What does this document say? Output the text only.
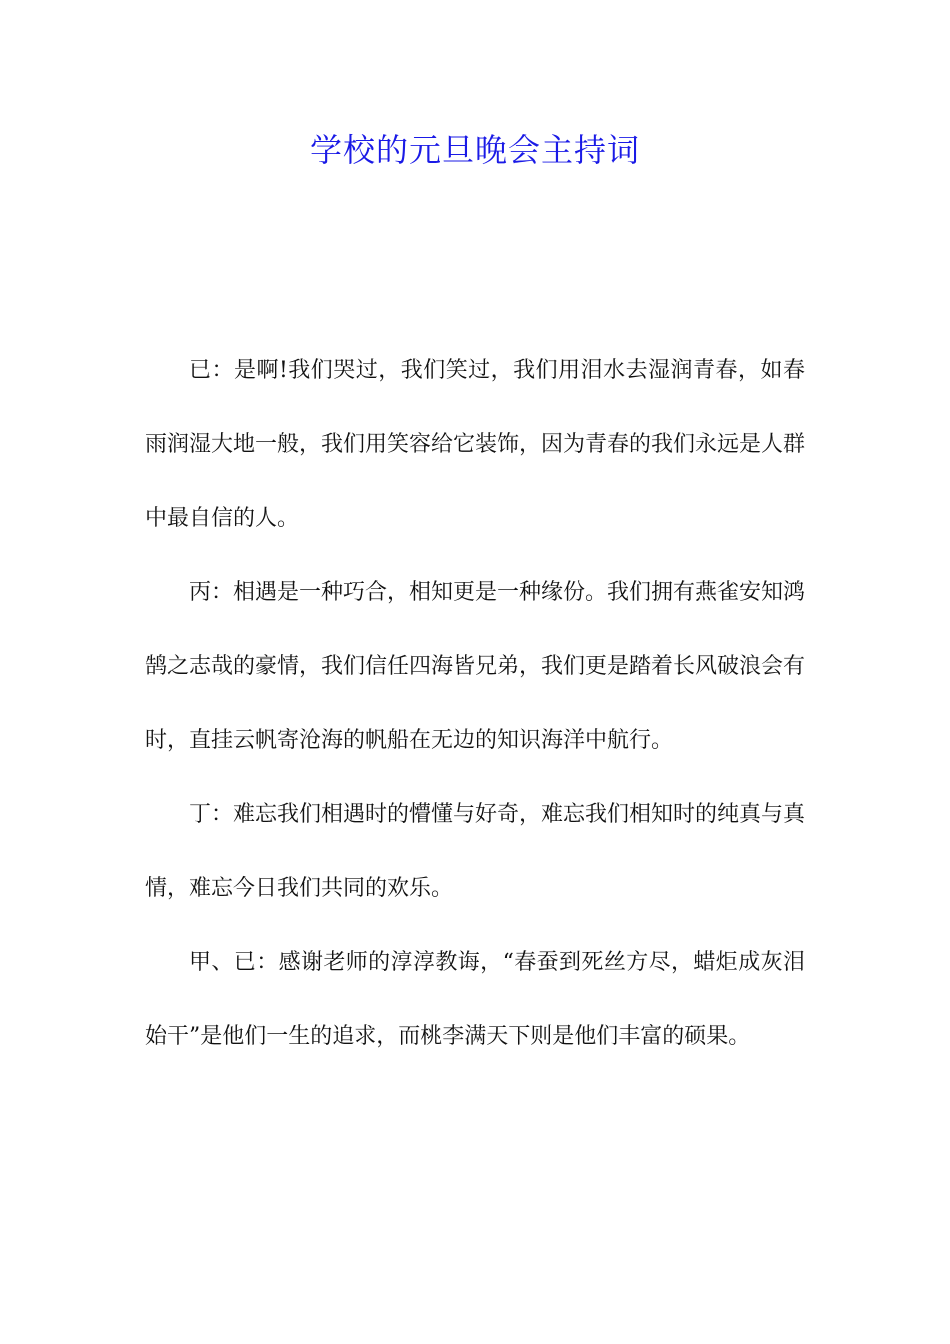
学校的元旦晚会主持词

已：是啊!我们哭过，我们笑过，我们用泪水去湿润青春，如春雨润湿大地一般，我们用笑容给它装饰，因为青春的我们永远是人群中最自信的人。

丙：相遇是一种巧合，相知更是一种缘份。我们拥有燕雀安知鸿鹄之志哉的豪情，我们信任四海皆兄弟，我们更是踏着长风破浪会有时，直挂云帆寄沧海的帆船在无边的知识海洋中航行。

丁：难忘我们相遇时的懵懂与好奇，难忘我们相知时的纯真与真情，难忘今日我们共同的欢乐。

甲、已：感谢老师的淳淳教诲，“春蚕到死丝方尽，蜡炬成灰泪始干”是他们一生的追求，而桃李满天下则是他们丰富的硕果。
